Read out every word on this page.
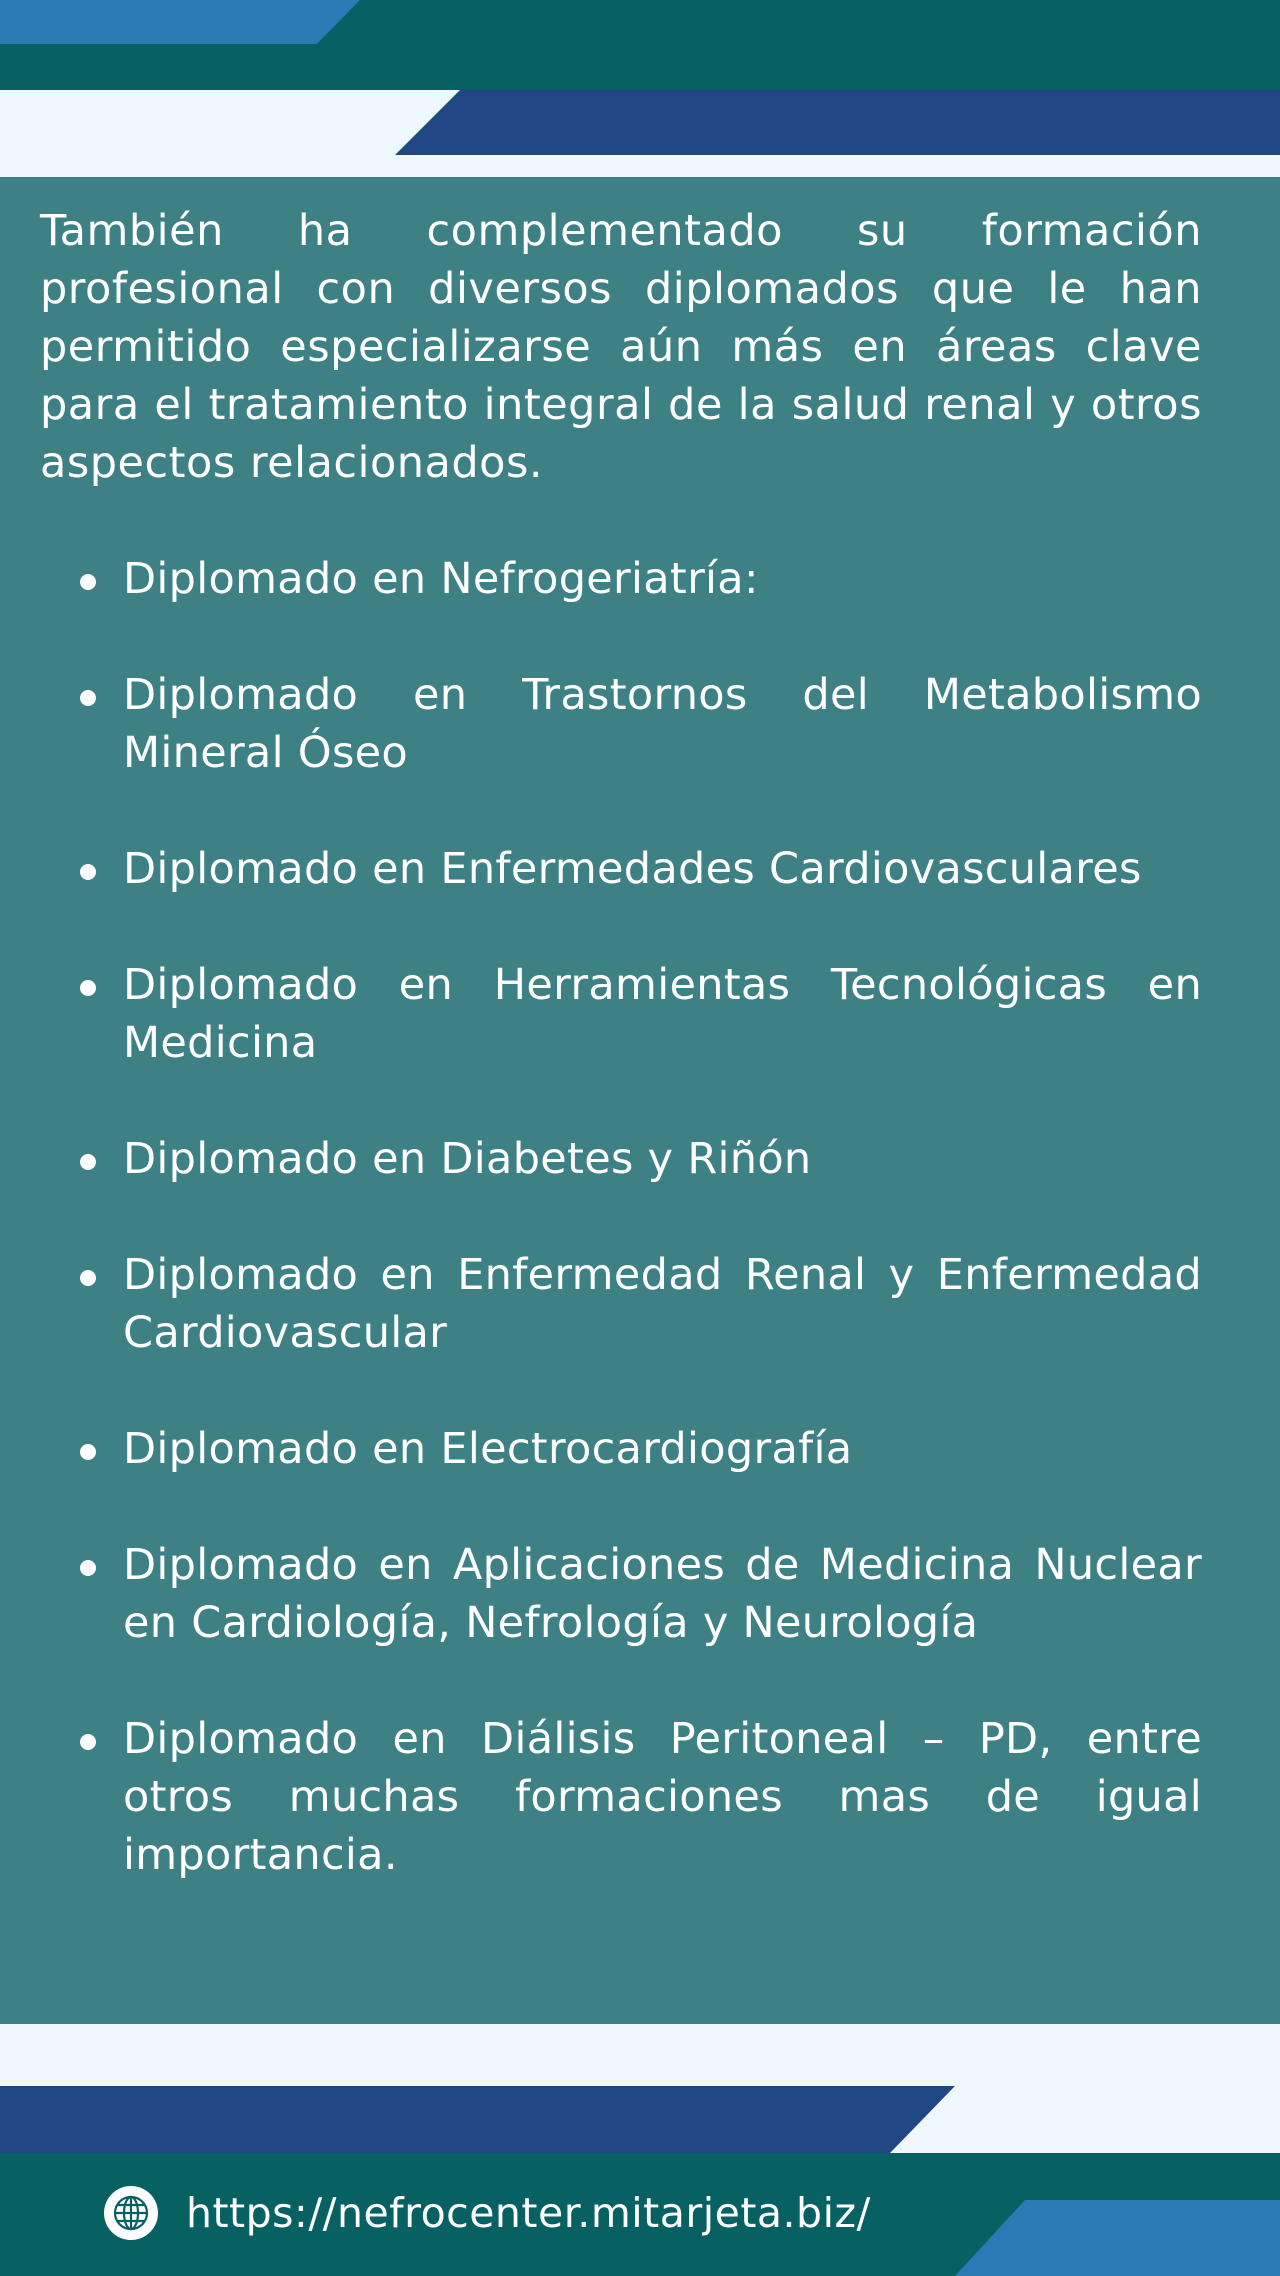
También ha complementado su formación profesional con diversos diplomados que le han permitido especializarse aún más en áreas clave para el tratamiento integral de la salud renal y otros aspectos relacionados.

Diplomado en Nefrogeriatría:
Diplomado en Trastornos del Metabolismo Mineral Óseo
Diplomado en Enfermedades Cardiovasculares
Diplomado en Herramientas Tecnológicas en Medicina
Diplomado en Diabetes y Riñón
Diplomado en Enfermedad Renal y Enfermedad Cardiovascular
Diplomado en Electrocardiografía
Diplomado en Aplicaciones de Medicina Nuclear en Cardiología, Nefrología y Neurología
Diplomado en Diálisis Peritoneal – PD, entre otros muchas formaciones mas de igual importancia.
https://nefrocenter.mitarjeta.biz/
